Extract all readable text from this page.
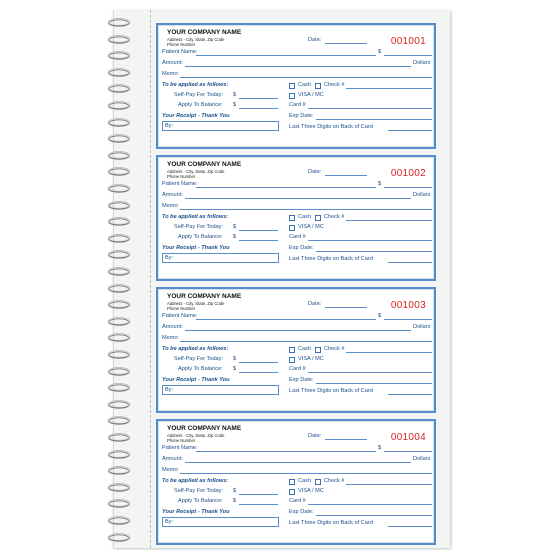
YOUR COMPANY NAME
Address - City, State, Zip Code
Phone Number
Date:	001001
Patient Name:	$
Amount:	Dollars
Memo:
To be applied as follows:
Self-Pay For Today: $
Apply To Balance: $
Cash Check #
VISA / MC
Card #
Exp Date:
Your Receipt - Thank You
By:	Last Three Digits on Back of Card
YOUR COMPANY NAME
Address - City, State, Zip Code
Phone Number
Date:	001002
Patient Name:	$
Amount:	Dollars
Memo:
To be applied as follows:
Self-Pay For Today: $
Apply To Balance: $
Cash Check #
VISA / MC
Card #
Exp Date:
Your Receipt - Thank You
By:	Last Three Digits on Back of Card
YOUR COMPANY NAME
Address - City, State, Zip Code
Phone Number
Date:	001003
Patient Name:	$
Amount:	Dollars
Memo:
To be applied as follows:
Self-Pay For Today: $
Apply To Balance: $
Cash Check #
VISA / MC
Card #
Exp Date:
Your Receipt - Thank You
By:	Last Three Digits on Back of Card
YOUR COMPANY NAME
Address - City, State, Zip Code
Phone Number
Date:	001004
Patient Name:	$
Amount:	Dollars
Memo:
To be applied as follows:
Self-Pay For Today: $
Apply To Balance: $
Cash Check #
VISA / MC
Card #
Exp Date:
Your Receipt - Thank You
By:	Last Three Digits on Back of Card
